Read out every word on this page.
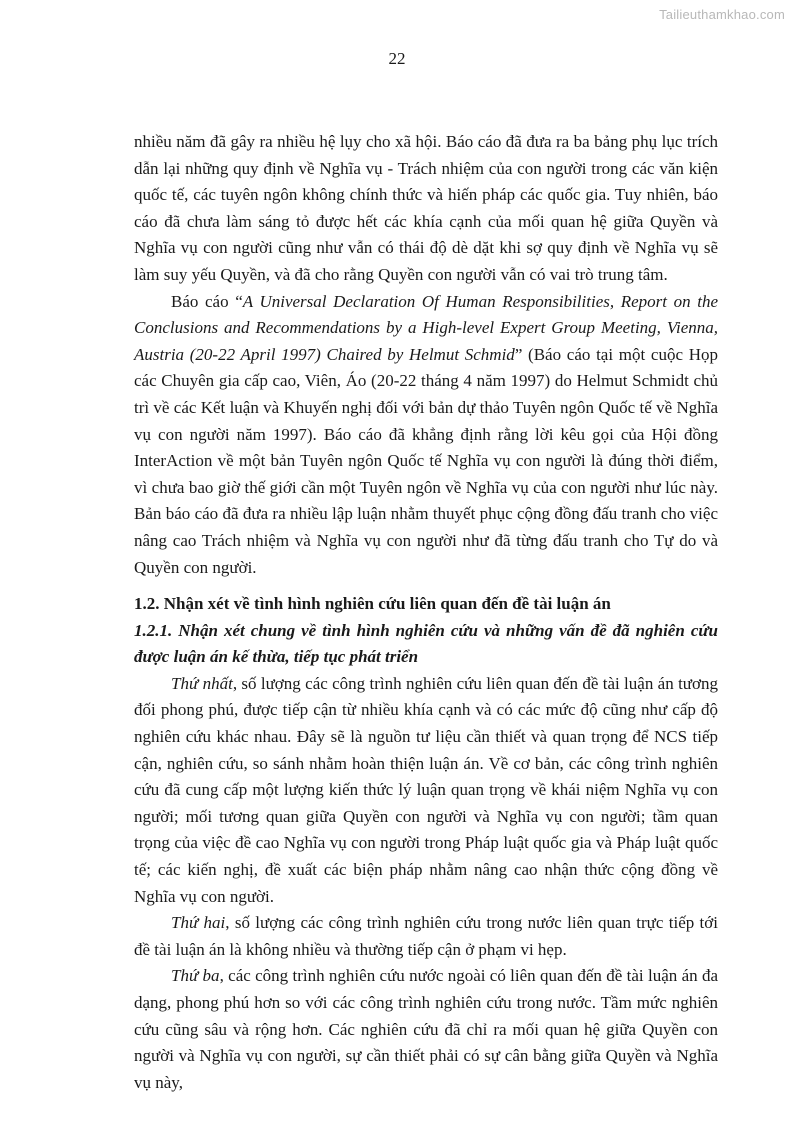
Tailieuthamkhao.com
22

nhiều năm đã gây ra nhiều hệ lụy cho xã hội. Báo cáo đã đưa ra ba bảng phụ lục trích dẫn lại những quy định về Nghĩa vụ - Trách nhiệm của con người trong các văn kiện quốc tế, các tuyên ngôn không chính thức và hiến pháp các quốc gia. Tuy nhiên, báo cáo đã chưa làm sáng tỏ được hết các khía cạnh của mối quan hệ giữa Quyền và Nghĩa vụ con người cũng như vẫn có thái độ dè dặt khi sợ quy định về Nghĩa vụ sẽ làm suy yếu Quyền, và đã cho rằng Quyền con người vẫn có vai trò trung tâm.

Báo cáo “A Universal Declaration Of Human Responsibilities, Report on the Conclusions and Recommendations by a High-level Expert Group Meeting, Vienna, Austria (20-22 April 1997) Chaired by Helmut Schmid” (Báo cáo tại một cuộc Họp các Chuyên gia cấp cao, Viên, Áo (20-22 tháng 4 năm 1997) do Helmut Schmidt chủ trì về các Kết luận và Khuyến nghị đối với bản dự thảo Tuyên ngôn Quốc tế về Nghĩa vụ con người năm 1997). Báo cáo đã khẳng định rằng lời kêu gọi của Hội đồng InterAction về một bản Tuyên ngôn Quốc tế Nghĩa vụ con người là đúng thời điểm, vì chưa bao giờ thế giới cần một Tuyên ngôn về Nghĩa vụ của con người như lúc này. Bản báo cáo đã đưa ra nhiều lập luận nhằm thuyết phục cộng đồng đấu tranh cho việc nâng cao Trách nhiệm và Nghĩa vụ con người như đã từng đấu tranh cho Tự do và Quyền con người.

1.2. Nhận xét về tình hình nghiên cứu liên quan đến đề tài luận án
1.2.1. Nhận xét chung về tình hình nghiên cứu và những vấn đề đã nghiên cứu được luận án kế thừa, tiếp tục phát triển

Thứ nhất, số lượng các công trình nghiên cứu liên quan đến đề tài luận án tương đối phong phú, được tiếp cận từ nhiều khía cạnh và có các mức độ cũng như cấp độ nghiên cứu khác nhau. Đây sẽ là nguồn tư liệu cần thiết và quan trọng để NCS tiếp cận, nghiên cứu, so sánh nhằm hoàn thiện luận án. Về cơ bản, các công trình nghiên cứu đã cung cấp một lượng kiến thức lý luận quan trọng về khái niệm Nghĩa vụ con người; mối tương quan giữa Quyền con người và Nghĩa vụ con người; tầm quan trọng của việc đề cao Nghĩa vụ con người trong Pháp luật quốc gia và Pháp luật quốc tế; các kiến nghị, đề xuất các biện pháp nhằm nâng cao nhận thức cộng đồng về Nghĩa vụ con người.

Thứ hai, số lượng các công trình nghiên cứu trong nước liên quan trực tiếp tới đề tài luận án là không nhiều và thường tiếp cận ở phạm vi hẹp.

Thứ ba, các công trình nghiên cứu nước ngoài có liên quan đến đề tài luận án đa dạng, phong phú hơn so với các công trình nghiên cứu trong nước. Tầm mức nghiên cứu cũng sâu và rộng hơn. Các nghiên cứu đã chỉ ra mối quan hệ giữa Quyền con người và Nghĩa vụ con người, sự cần thiết phải có sự cân bằng giữa Quyền và Nghĩa vụ này,
